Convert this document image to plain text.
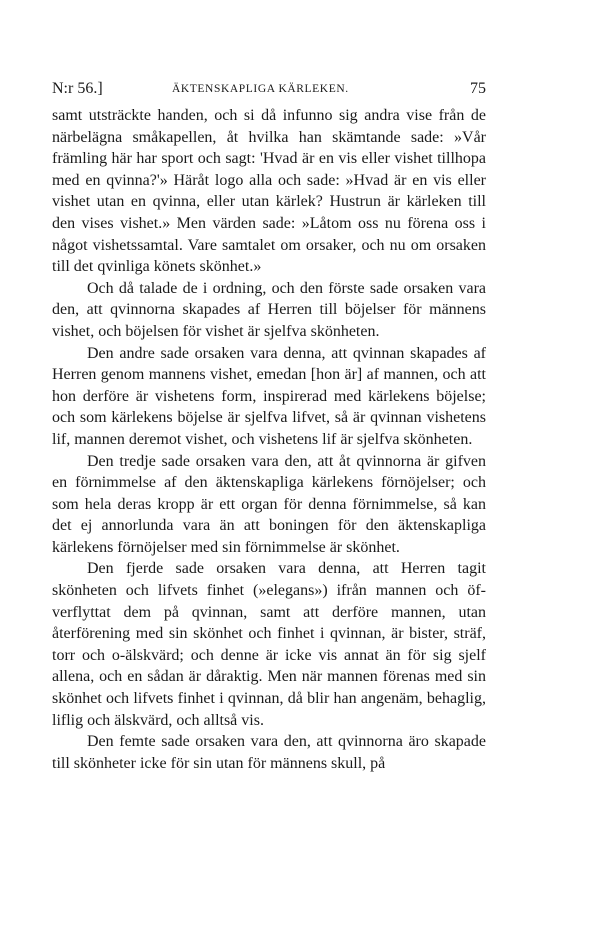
N:r 56.]	ÄKTENSKAPLIGA KÄRLEKEN.	75

samt utsträckte handen, och si då infunno sig andra vise från de närbelägna småkapellen, åt hvilka han skämtande sade: »Vår främling här har sport och sagt: 'Hvad är en vis eller vishet tillhopa med en qvinna?'» Häråt logo alla och sade: »Hvad är en vis eller vishet utan en qvinna, eller utan kärlek? Hustrun är kärleken till den vises vishet.» Men värden sade: »Låtom oss nu förena oss i något vishetssamtal. Vare samtalet om orsaker, och nu om orsaken till det qvinliga könets skönhet.»

Och då talade de i ordning, och den förste sade orsaken vara den, att qvinnorna skapades af Herren till böjelser för männens vishet, och böjelsen för vishet är sjelfva skönheten.

Den andre sade orsaken vara denna, att qvinnan skapades af Herren genom mannens vishet, emedan [hon är] af mannen, och att hon derföre är vishetens form, inspirerad med kärlekens böjelse; och som kärlekens böjelse är sjelfva lifvet, så är qvinnan vishetens lif, mannen deremot vishet, och vishetens lif är sjelfva skönheten.

Den tredje sade orsaken vara den, att åt qvinnorna är gifven en förnimmelse af den äktenskapliga kärlekens förnöjelser; och som hela deras kropp är ett organ för denna förnimmelse, så kan det ej annorlunda vara än att boningen för den äktenskapliga kärlekens förnöjelser med sin förnimmelse är skönhet.

Den fjerde sade orsaken vara denna, att Herren tagit skönheten och lifvets finhet (»elegans») ifrån mannen och öfverflyttat dem på qvinnan, samt att derföre mannen, utan återförening med sin skönhet och finhet i qvinnan, är bister, sträf, torr och o-älskvärd; och denne är icke vis annat än för sig sjelf allena, och en sådan är dåraktig. Men när mannen förenas med sin skönhet och lifvets finhet i qvinnan, då blir han angenäm, behaglig, liflig och älskvärd, och alltså vis.

Den femte sade orsaken vara den, att qvinnorna äro skapade till skönheter icke för sin utan för männens skull, på
